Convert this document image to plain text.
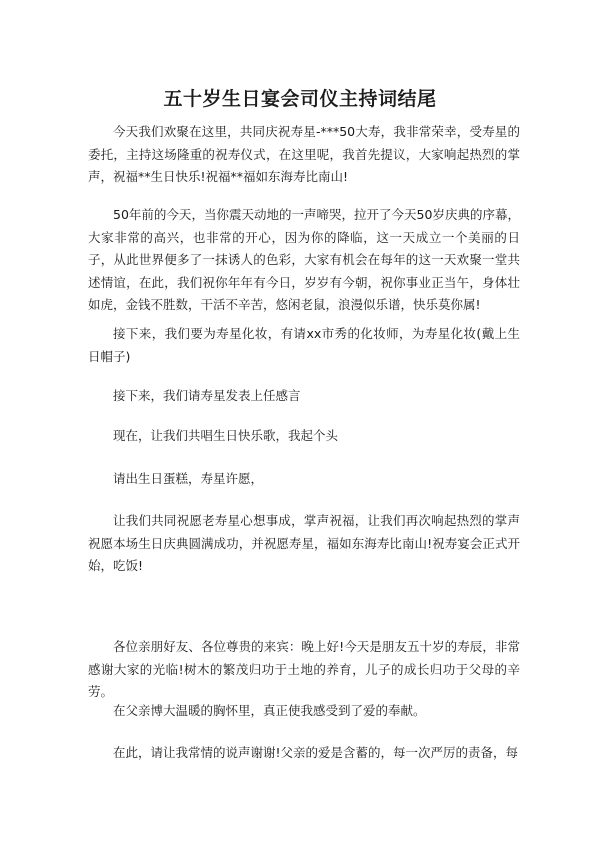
五十岁生日宴会司仪主持词结尾

今天我们欢聚在这里，共同庆祝寿星-***50大寿，我非常荣幸，受寿星的委托，主持这场隆重的祝寿仪式，在这里呢，我首先提议，大家响起热烈的掌声，祝福**生日快乐!祝福**福如东海寿比南山!

50年前的今天，当你震天动地的一声啼哭，拉开了今天50岁庆典的序幕，大家非常的高兴，也非常的开心，因为你的降临，这一天成立一个美丽的日子，从此世界便多了一抹诱人的色彩，大家有机会在每年的这一天欢聚一堂共述情谊，在此，我们祝你年年有今日，岁岁有今朝，祝你事业正当午，身体壮如虎，金钱不胜数，干活不辛苦，悠闲老鼠，浪漫似乐谱，快乐莫你属!

接下来，我们要为寿星化妆，有请xx市秀的化妆师，为寿星化妆(戴上生日帽子)

接下来，我们请寿星发表上任感言

现在，让我们共唱生日快乐歌，我起个头

请出生日蛋糕，寿星许愿，

让我们共同祝愿老寿星心想事成，掌声祝福，让我们再次响起热烈的掌声祝愿本场生日庆典圆满成功，并祝愿寿星，福如东海寿比南山!祝寿宴会正式开始，吃饭!

各位亲朋好友、各位尊贵的来宾：晚上好!今天是朋友五十岁的寿辰，非常感谢大家的光临!树木的繁茂归功于土地的养育，儿子的成长归功于父母的辛劳。

在父亲博大温暖的胸怀里，真正使我感受到了爱的奉献。

在此，请让我常情的说声谢谢!父亲的爱是含蓄的，每一次严厉的责备，每
